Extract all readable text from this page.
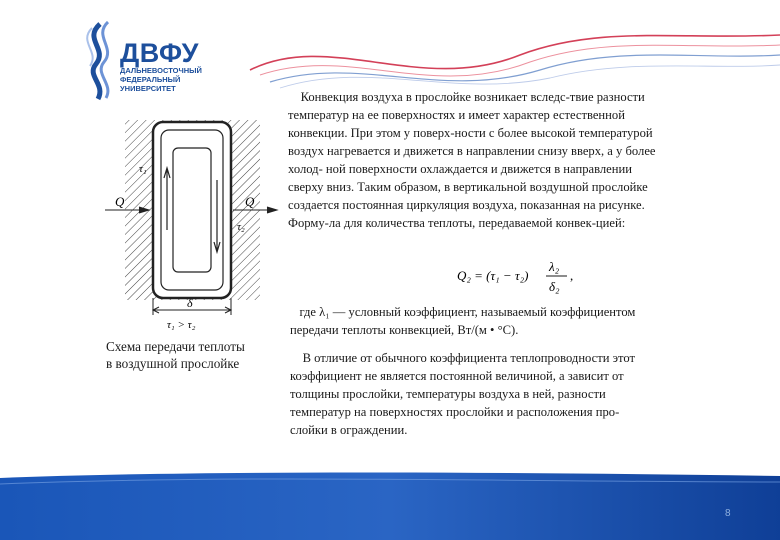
ДВФУ
ДАЛЬНЕВОСТОЧНЫЙ
ФЕДЕРАЛЬНЫЙ
УНИВЕРСИТЕТ
Q	Q
τ₁
τ₂
δ
τ₁ > τ₂
Схема передачи теплоты
в воздушной прослойке
Конвекция воздуха в прослойке возникает вследс-твие разности
температур на ее поверхностях и имеет характер естественной
конвекции. При этом у поверх-ности с более высокой температурой
воздух нагревается и движется в направлении снизу вверх, а у более
холод- ной поверхности охлаждается и движется в направлении
сверху вниз. Таким образом, в вертикальной воздушной прослойке
создается постоянная циркуляция воздуха, показанная на рисунке.
Форму-ла для количества теплоты, передаваемой конвек-цией:
Q₂ = (τ₁ − τ₂)
λ₂
δ₂
,
где λ₁ — условный коэффициент, называемый коэффициентом
передачи теплоты конвекцией, Вт/(м • °С).
В отличие от обычного коэффициента теплопроводности этот
коэффициент не является постоянной величиной, а зависит от
толщины прослойки, температуры воздуха в ней, разности
температур на поверхностях прослойки и расположения про-
слойки в ограждении.
8
